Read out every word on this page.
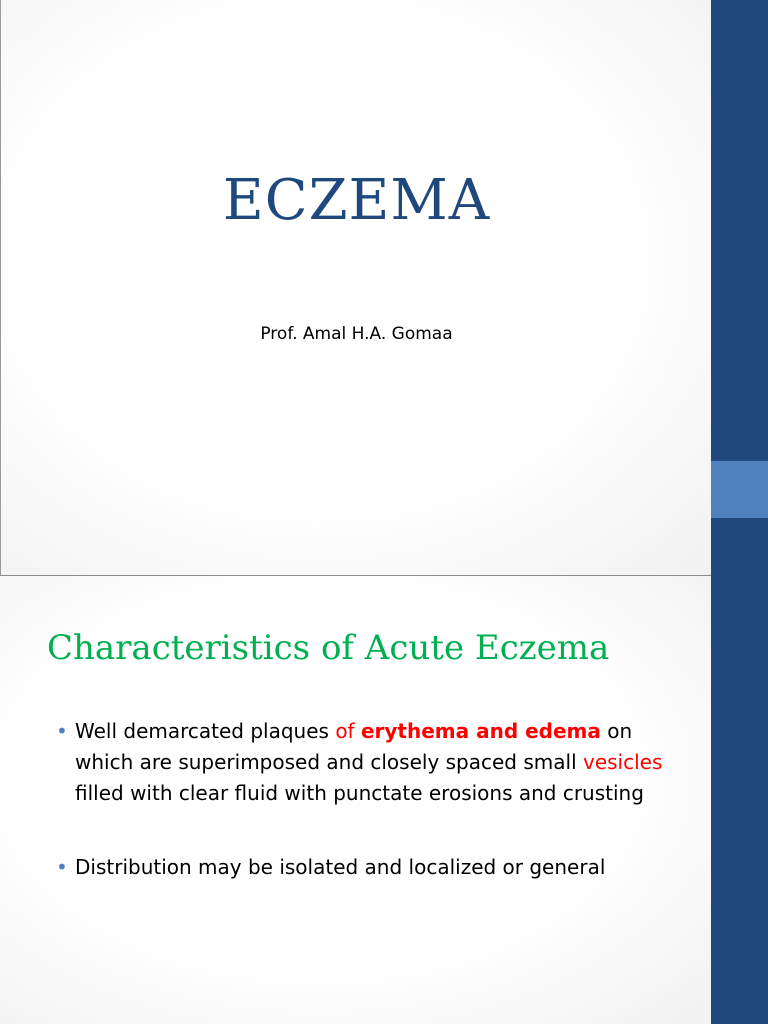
ECZEMA
Prof. Amal H.A. Gomaa
Characteristics of Acute Eczema
• Well demarcated plaques of erythema and edema on which are superimposed and closely spaced small vesicles filled with clear fluid with punctate erosions and crusting
• Distribution may be isolated and localized or general
